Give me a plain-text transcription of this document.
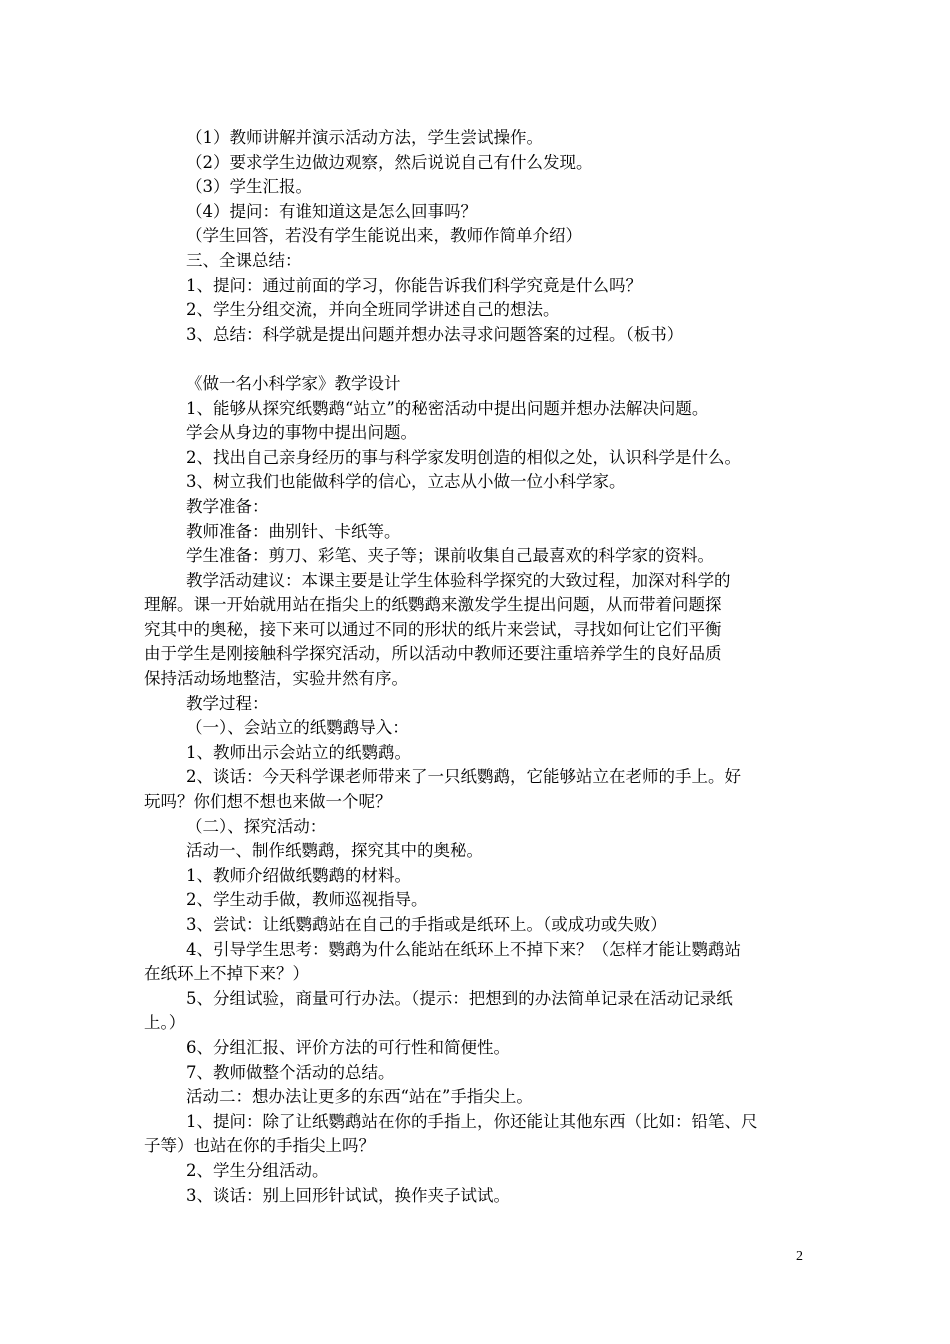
（1）教师讲解并演示活动方法，学生尝试操作。
（2）要求学生边做边观察，然后说说自己有什么发现。
（3）学生汇报。
（4）提问：有谁知道这是怎么回事吗？
（学生回答，若没有学生能说出来，教师作简单介绍）
三、全课总结：
1、提问：通过前面的学习，你能告诉我们科学究竟是什么吗？
2、学生分组交流，并向全班同学讲述自己的想法。
3、总结：科学就是提出问题并想办法寻求问题答案的过程。（板书）
《做一名小科学家》教学设计
1、能够从探究纸鹦鹉“站立”的秘密活动中提出问题并想办法解决问题。
学会从身边的事物中提出问题。
2、找出自己亲身经历的事与科学家发明创造的相似之处，认识科学是什么。
3、树立我们也能做科学的信心，立志从小做一位小科学家。
教学准备：
教师准备：曲别针、卡纸等。
学生准备：剪刀、彩笔、夹子等；课前收集自己最喜欢的科学家的资料。
教学活动建议：本课主要是让学生体验科学探究的大致过程，加深对科学的
理解。课一开始就用站在指尖上的纸鹦鹉来激发学生提出问题，从而带着问题探
究其中的奥秘，接下来可以通过不同的形状的纸片来尝试，寻找如何让它们平衡
由于学生是刚接触科学探究活动，所以活动中教师还要注重培养学生的良好品质
保持活动场地整洁，实验井然有序。
教学过程：
（一）、会站立的纸鹦鹉导入：
1、教师出示会站立的纸鹦鹉。
2、谈话：今天科学课老师带来了一只纸鹦鹉，它能够站立在老师的手上。好
玩吗？你们想不想也来做一个呢？
（二）、探究活动：
活动一、制作纸鹦鹉，探究其中的奥秘。
1、教师介绍做纸鹦鹉的材料。
2、学生动手做，教师巡视指导。
3、尝试：让纸鹦鹉站在自己的手指或是纸环上。（或成功或失败）
4、引导学生思考：鹦鹉为什么能站在纸环上不掉下来？（怎样才能让鹦鹉站
在纸环上不掉下来？）
5、分组试验，商量可行办法。（提示：把想到的办法简单记录在活动记录纸
上。）
6、分组汇报、评价方法的可行性和简便性。
7、教师做整个活动的总结。
活动二：想办法让更多的东西“站在”手指尖上。
1、提问：除了让纸鹦鹉站在你的手指上，你还能让其他东西（比如：铅笔、尺
子等）也站在你的手指尖上吗？
2、学生分组活动。
3、谈话：别上回形针试试，换作夹子试试。
2
